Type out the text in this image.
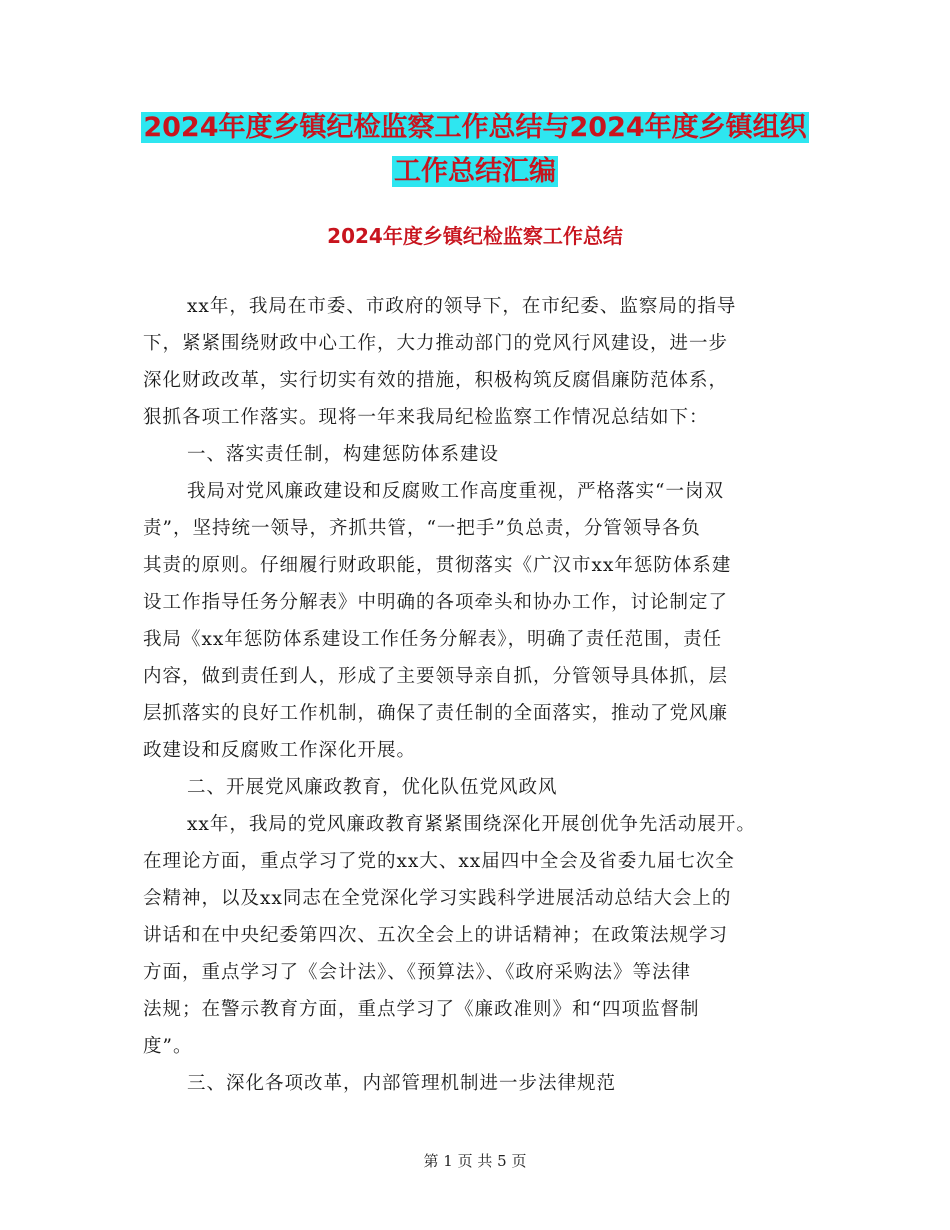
2024年度乡镇纪检监察工作总结与2024年度乡镇组织
工作总结汇编
2024年度乡镇纪检监察工作总结
xx年，我局在市委、市政府的领导下，在市纪委、监察局的指导
下，紧紧围绕财政中心工作，大力推动部门的党风行风建设，进一步
深化财政改革，实行切实有效的措施，积极构筑反腐倡廉防范体系，
狠抓各项工作落实。现将一年来我局纪检监察工作情况总结如下：
一、落实责任制，构建惩防体系建设
我局对党风廉政建设和反腐败工作高度重视，严格落实“一岗双
责”，坚持统一领导，齐抓共管，“一把手”负总责，分管领导各负
其责的原则。仔细履行财政职能，贯彻落实《广汉市xx年惩防体系建
设工作指导任务分解表》中明确的各项牵头和协办工作，讨论制定了
我局《xx年惩防体系建设工作任务分解表》，明确了责任范围，责任
内容，做到责任到人，形成了主要领导亲自抓，分管领导具体抓，层
层抓落实的良好工作机制，确保了责任制的全面落实，推动了党风廉
政建设和反腐败工作深化开展。
二、开展党风廉政教育，优化队伍党风政风
xx年，我局的党风廉政教育紧紧围绕深化开展创优争先活动展开。
在理论方面，重点学习了党的xx大、xx届四中全会及省委九届七次全
会精神，以及xx同志在全党深化学习实践科学进展活动总结大会上的
讲话和在中央纪委第四次、五次全会上的讲话精神；在政策法规学习
方面，重点学习了《会计法》、《预算法》、《政府采购法》等法律
法规；在警示教育方面，重点学习了《廉政准则》和“四项监督制
度”。
三、深化各项改革，内部管理机制进一步法律规范
第 1 页 共 5 页
